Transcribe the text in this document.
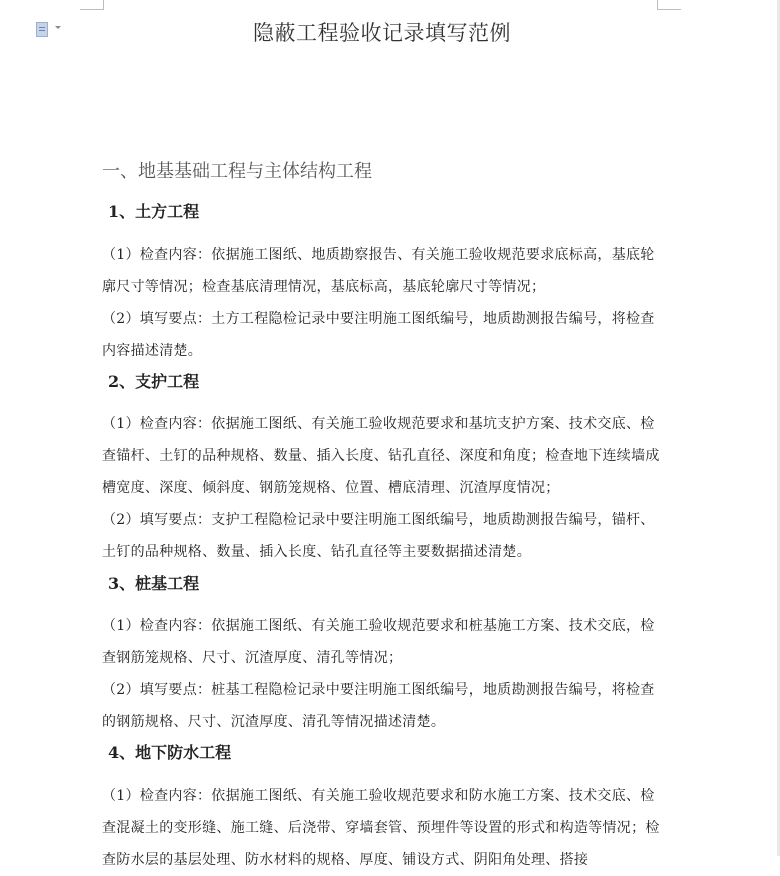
隐蔽工程验收记录填写范例
一、地基基础工程与主体结构工程
1、土方工程
（1）检查内容：依据施工图纸、地质勘察报告、有关施工验收规范要求底标高，基底轮廓尺寸等情况；检查基底清理情况，基底标高，基底轮廓尺寸等情况；
（2）填写要点：土方工程隐检记录中要注明施工图纸编号，地质勘测报告编号，将检查内容描述清楚。
2、支护工程
（1）检查内容：依据施工图纸、有关施工验收规范要求和基坑支护方案、技术交底、检查锚杆、土钉的品种规格、数量、插入长度、钻孔直径、深度和角度；检查地下连续墙成槽宽度、深度、倾斜度、钢筋笼规格、位置、槽底清理、沉渣厚度情况；
（2）填写要点：支护工程隐检记录中要注明施工图纸编号，地质勘测报告编号，锚杆、土钉的品种规格、数量、插入长度、钻孔直径等主要数据描述清楚。
3、桩基工程
（1）检查内容：依据施工图纸、有关施工验收规范要求和桩基施工方案、技术交底，检查钢筋笼规格、尺寸、沉渣厚度、清孔等情况；
（2）填写要点：桩基工程隐检记录中要注明施工图纸编号，地质勘测报告编号，将检查的钢筋规格、尺寸、沉渣厚度、清孔等情况描述清楚。
4、地下防水工程
（1）检查内容：依据施工图纸、有关施工验收规范要求和防水施工方案、技术交底、检查混凝土的变形缝、施工缝、后浇带、穿墙套管、预埋件等设置的形式和构造等情况；检查防水层的基层处理、防水材料的规格、厚度、铺设方式、阴阳角处理、搭接
